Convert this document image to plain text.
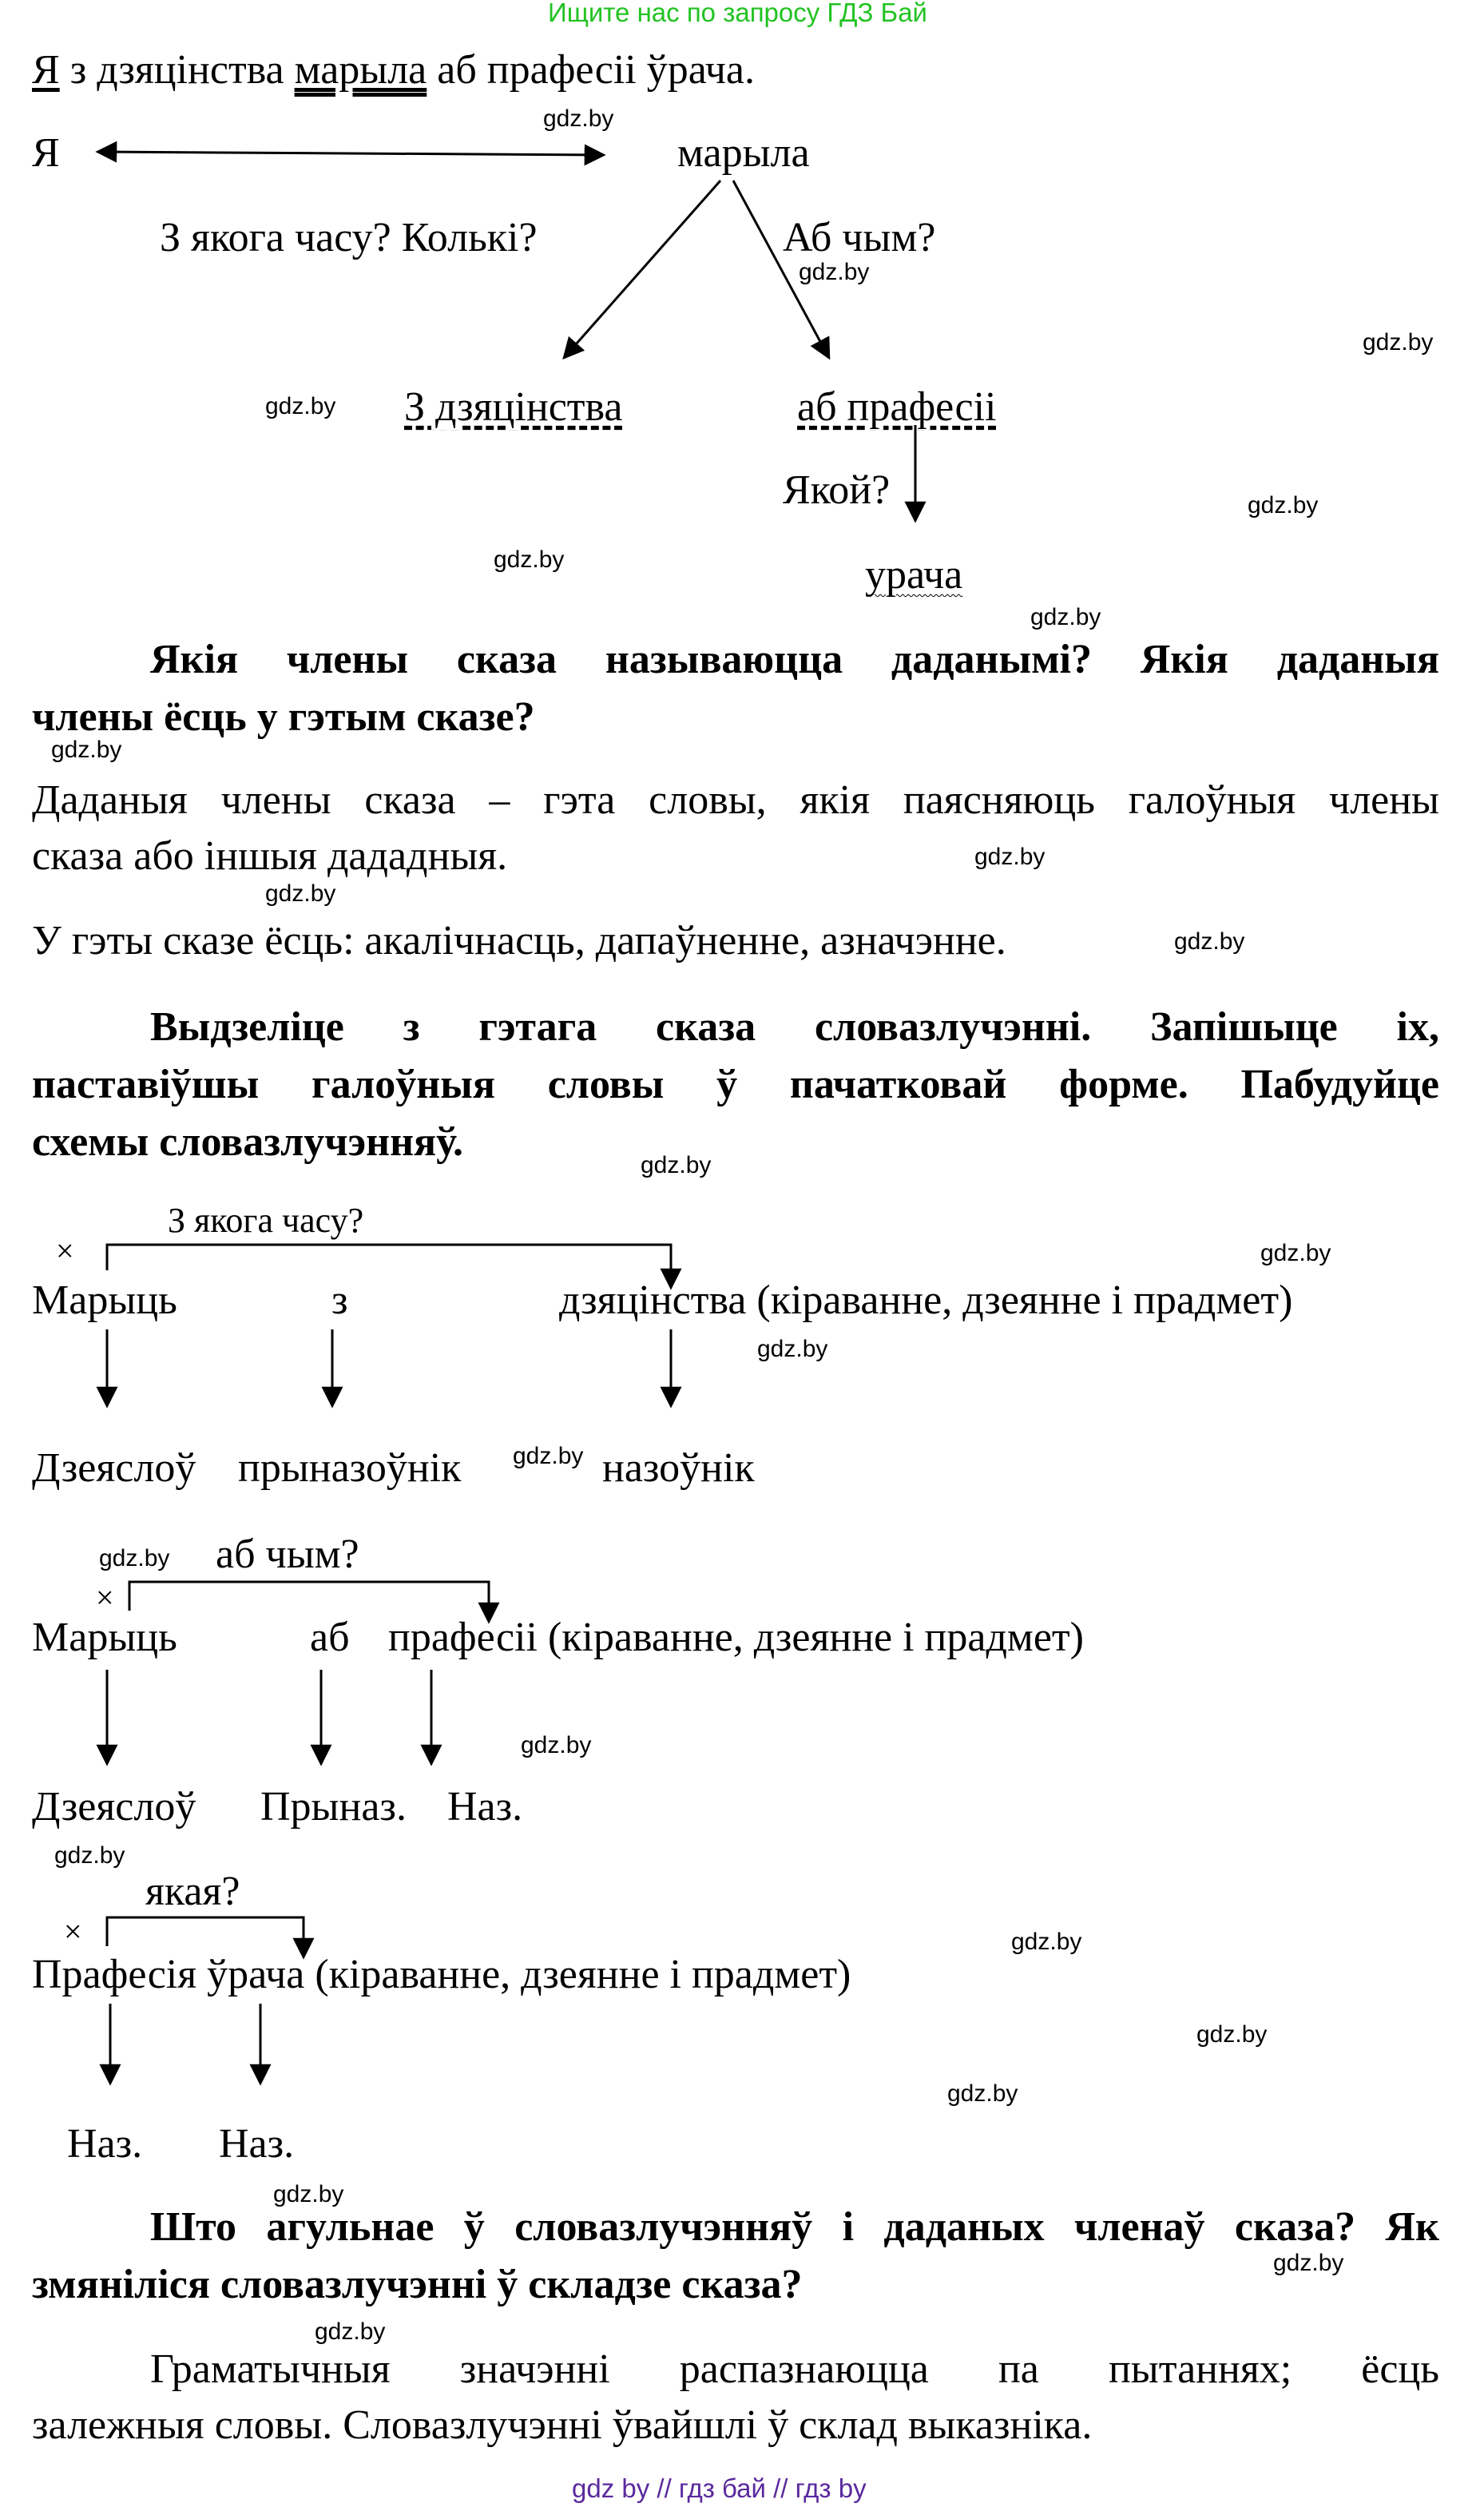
Ищите нас по запросу ГДЗ Бай
Я з дзяцінства марыла аб прафесіі ўрача.
Я	марыла
З якога часу? Колькі?	Аб чым?
З дзяцінства	аб прафесіі
Якой?
урача
Якія члены сказа называюцца даданымі? Якія даданыя
члены ёсць у гэтым сказе?
Даданыя члены сказа – гэта словы, якія паясняюць галоўныя члены
сказа або іншыя дададныя.
У гэты сказе ёсць: акалічнасць, дапаўненне, азначэнне.
Выдзеліце з гэтага сказа словазлучэнні. Запішыце іх,
паставіўшы галоўныя словы ў пачатковай форме. Пабудуйце
схемы словазлучэнняў.
×
З якога часу?
Марыць	з	дзяцінства (кіраванне, дзеянне і прадмет)
Дзеяслоў прыназоўнік	назоўнік
×
аб чым?
Марыць	аб прафесіі (кіраванне, дзеянне і прадмет)
Дзеяслоў Прыназ. Наз.
×
якая?
Прафесія ўрача (кіраванне, дзеянне і прадмет)
Наз. Наз.
Што агульнае ў словазлучэнняў і даданых членаў сказа? Як
змяніліся словазлучэнні ў складзе сказа?
Граматычныя значэнні распазнаюцца па пытаннях; ёсць
залежныя словы. Словазлучэнні ўвайшлі ў склад выказніка.
gdz.by
gdz.by
gdz.by
gdz.by
gdz.by
gdz.by
gdz.by
gdz.by
gdz.by
gdz.by
gdz.by
gdz.by
gdz.by
gdz.by
gdz.by
gdz.by
gdz.by
gdz.by
gdz.by
gdz.by
gdz.by
gdz.by
gdz.by
gdz.by
gdz by // гдз бай // гдз by
